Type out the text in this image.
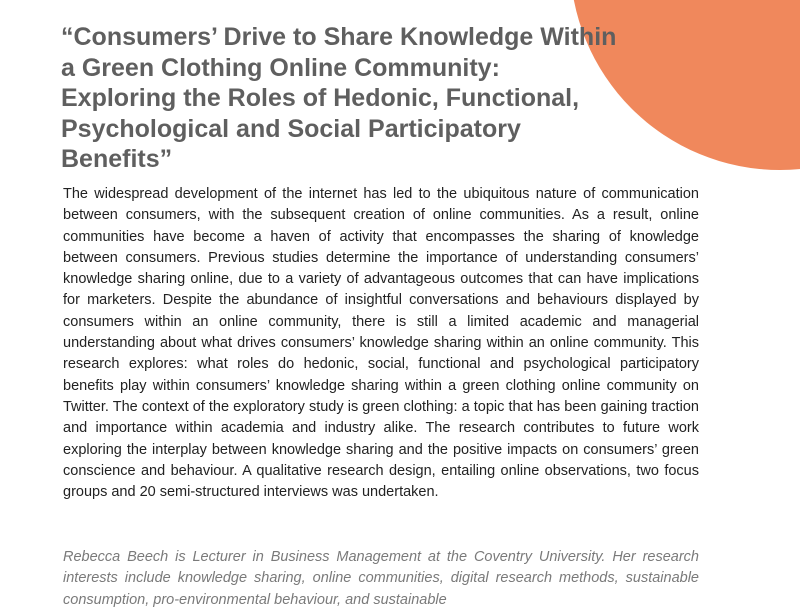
“Consumers’ Drive to Share Knowledge Within a Green Clothing Online Community: Exploring the Roles of Hedonic, Functional, Psychological and Social Participatory Benefits”

The widespread development of the internet has led to the ubiquitous nature of communication between consumers, with the subsequent creation of online communities. As a result, online communities have become a haven of activity that encompasses the sharing of knowledge between consumers. Previous studies determine the importance of understanding consumers’ knowledge sharing online, due to a variety of advantageous outcomes that can have implications for marketers. Despite the abundance of insightful conversations and behaviours displayed by consumers within an online community, there is still a limited academic and managerial understanding about what drives consumers’ knowledge sharing within an online community. This research explores: what roles do hedonic, social, functional and psychological participatory benefits play within consumers’ knowledge sharing within a green clothing online community on Twitter. The context of the exploratory study is green clothing: a topic that has been gaining traction and importance within academia and industry alike. The research contributes to future work exploring the interplay between knowledge sharing and the positive impacts on consumers’ green conscience and behaviour. A qualitative research design, entailing online observations, two focus groups and 20 semi-structured interviews was undertaken.

Rebecca Beech is Lecturer in Business Management at the Coventry University. Her research interests include knowledge sharing, online communities, digital research methods, sustainable consumption, pro-environmental behaviour, and sustainable
